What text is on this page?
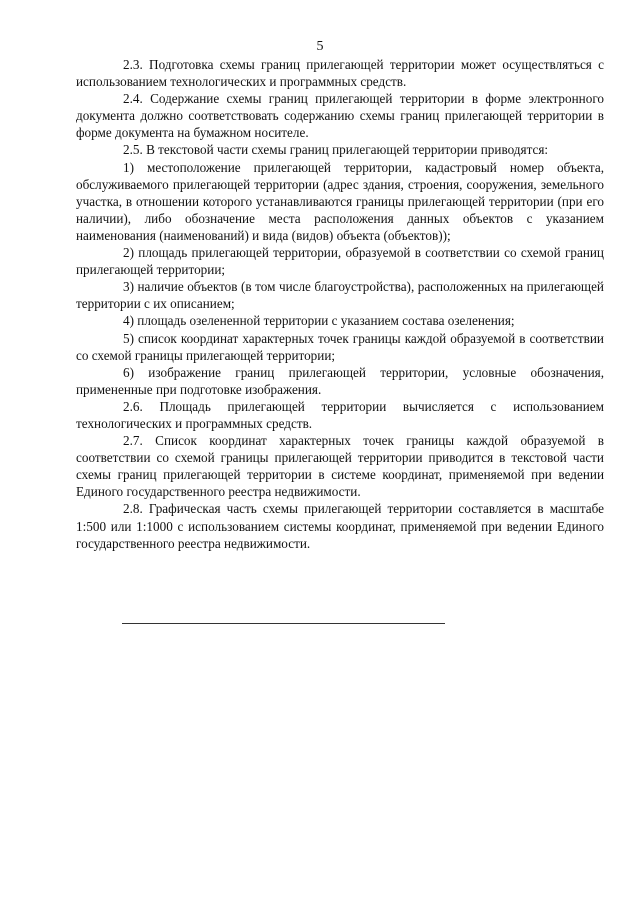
5

2.3. Подготовка схемы границ прилегающей территории может осуществляться с использованием технологических и программных средств.

2.4. Содержание схемы границ прилегающей территории в форме электронного документа должно соответствовать содержанию схемы границ прилегающей территории в форме документа на бумажном носителе.

2.5. В текстовой части схемы границ прилегающей территории приводятся:

1) местоположение прилегающей территории, кадастровый номер объекта, обслуживаемого прилегающей территории (адрес здания, строения, сооружения, земельного участка, в отношении которого устанавливаются границы прилегающей территории (при его наличии), либо обозначение места расположения данных объектов с указанием наименования (наименований) и вида (видов) объекта (объектов));

2) площадь прилегающей территории, образуемой в соответствии со схемой границ прилегающей территории;

3) наличие объектов (в том числе благоустройства), расположенных на прилегающей территории с их описанием;

4) площадь озелененной территории с указанием состава озеленения;

5) список координат характерных точек границы каждой образуемой в соответствии со схемой границы прилегающей территории;

6) изображение границ прилегающей территории, условные обозначения, примененные при подготовке изображения.

2.6. Площадь прилегающей территории вычисляется с использованием технологических и программных средств.

2.7. Список координат характерных точек границы каждой образуемой в соответствии со схемой границы прилегающей территории приводится в текстовой части схемы границ прилегающей территории в системе координат, применяемой при ведении Единого государственного реестра недвижимости.

2.8. Графическая часть схемы прилегающей территории составляется в масштабе 1:500 или 1:1000 с использованием системы координат, применяемой при ведении Единого государственного реестра недвижимости.
